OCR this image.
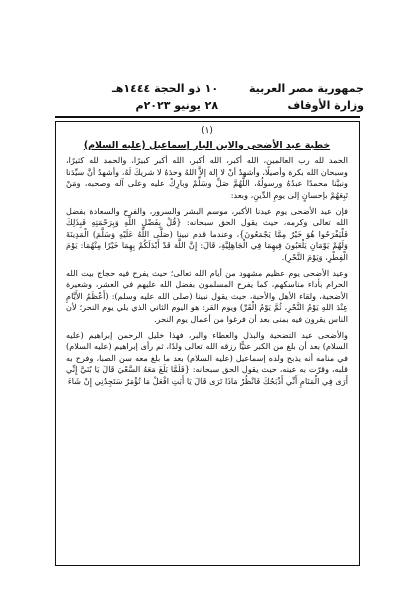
جمهورية مصر العربية
وزارة الأوقاف
١٠ ذو الحجة ١٤٤٤هـ
٢٨ يونيو ٢٠٢٣م
(١)
خطبة عيد الأضحى والابن البار إسماعيل (عليه السلام)

الحمد لله رب العالمين، الله أكبر، الله أكبر، الله أكبر كبيرًا، والحمد لله كثيرًا، وسبحان الله بكرة وأصيلًا، وأشهدُ أنْ لا إلهَ إلاَّ اللهُ وحدَهُ لا شريكَ لَهُ، وأشهدُ أنَّ سيِّدَنا ونبيَّنا محمدًا عبدُهُ ورسولُهُ، اللَّهُمَّ صَلِّ وسَلِّمْ وبارِكْ عليه وعلى آله وصحبه، ومَنْ تَبِعَهُمْ بإحسانٍ إلى يومِ الدِّينِ، وبعد:

فإن عيد الأضحى يوم عيدنا الأكبر، موسم البشر والسرور، والفرح والسعادة بفضل الله تعالى وكرمه، حيث يقول الحق سبحانه: {قُلْ بِفَضْلِ اللَّهِ وَبِرَحْمَتِهِ فَبِذَلِكَ فَلْيَفْرَحُوا هُوَ خَيْرٌ مِمَّا يَجْمَعُونَ}، وعندما قدم نبينا (صَلَّى اللَّهُ عَلَيْهِ وَسَلَّمَ) الْمَدِينَةَ وَلَهُمْ يَوْمَانِ يَلْعَبُونَ فِيهِمَا فِي الْجَاهِلِيَّةِ، قَالَ: إِنَّ اللَّهَ قَدْ أَبْدَلَكُمْ بِهِمَا خَيْرًا مِنْهُمَا: يَوْمَ الْفِطْرِ، وَيَوْمَ النَّحْرِ).

وعيد الأضحى يوم عظيم مشهود من أيام الله تعالى؛ حيث يفرح فيه حجاج بيت الله الحرام بأداء مناسكهم، كما يفرح المسلمون بفضل الله عليهم في العشر، وشعيرة الأضحية، ولقاء الأهل والأحبة، حيث يقول نبينا (صلى الله عليه وسلم): (أَعْظَمُ الأَيَّامِ عِنْدَ اللهِ يَوْمُ النَّحْرِ، ثُمَّ يَوْمُ الْقَرِّ) ويوم القر: هو اليوم الثاني الذي يلي يوم النحر؛ لأن الناس يقرون فيه بمنى بعد أن فرغوا من أعمال يوم النحر.

والأضحى عيد التضحية والبذل والعطاء والبر، فهذا خليل الرحمن إبراهيم (عليه السلام) بعد أن بلغ من الكبر عتيًّا رزقه الله تعالى ولدًا، ثم رأى إبراهيم (عليه السلام) في منامه أنه يذبح ولده إسماعيل (عليه السلام) بعد ما بلغ معه سن الصبا، وفرح به قلبه، وقرّت به عينه، حيث يقول الحق سبحانه: {فَلَمَّا بَلَغَ مَعَهُ السَّعْيَ قَالَ يَا بُنَيَّ إِنِّي أَرَى فِي الْمَنَامِ أَنِّي أَذْبَحُكَ فَانْظُرْ مَاذَا تَرَى قَالَ يَا أَبَتِ افْعَلْ مَا تُؤْمَرُ سَتَجِدُنِي إِنْ شَاءَ
